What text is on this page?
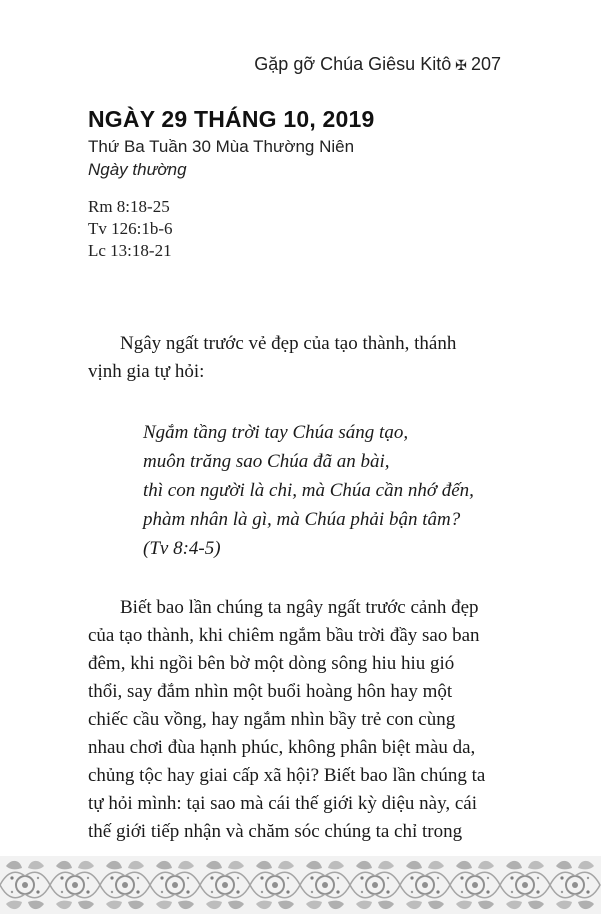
Gặp gỡ Chúa Giêsu Kitô ✠ 207
NGÀY 29 THÁNG 10, 2019
Thứ Ba Tuần 30 Mùa Thường Niên
Ngày thường
Rm 8:18-25
Tv 126:1b-6
Lc 13:18-21
Ngây ngất trước vẻ đẹp của tạo thành, thánh
vịnh gia tự hỏi:
Ngắm tầng trời tay Chúa sáng tạo,
muôn trăng sao Chúa đã an bài,
thì con người là chi, mà Chúa cần nhớ đến,
phàm nhân là gì, mà Chúa phải bận tâm?
(Tv 8:4-5)
Biết bao lần chúng ta ngây ngất trước cảnh đẹp
của tạo thành, khi chiêm ngắm bầu trời đầy sao ban
đêm, khi ngồi bên bờ một dòng sông hiu hiu gió
thổi, say đắm nhìn một buổi hoàng hôn hay một
chiếc cầu vồng, hay ngắm nhìn bầy trẻ con cùng
nhau chơi đùa hạnh phúc, không phân biệt màu da,
chủng tộc hay giai cấp xã hội? Biết bao lần chúng ta
tự hỏi mình: tại sao mà cái thế giới kỳ diệu này, cái
thế giới tiếp nhận và chăm sóc chúng ta chỉ trong
